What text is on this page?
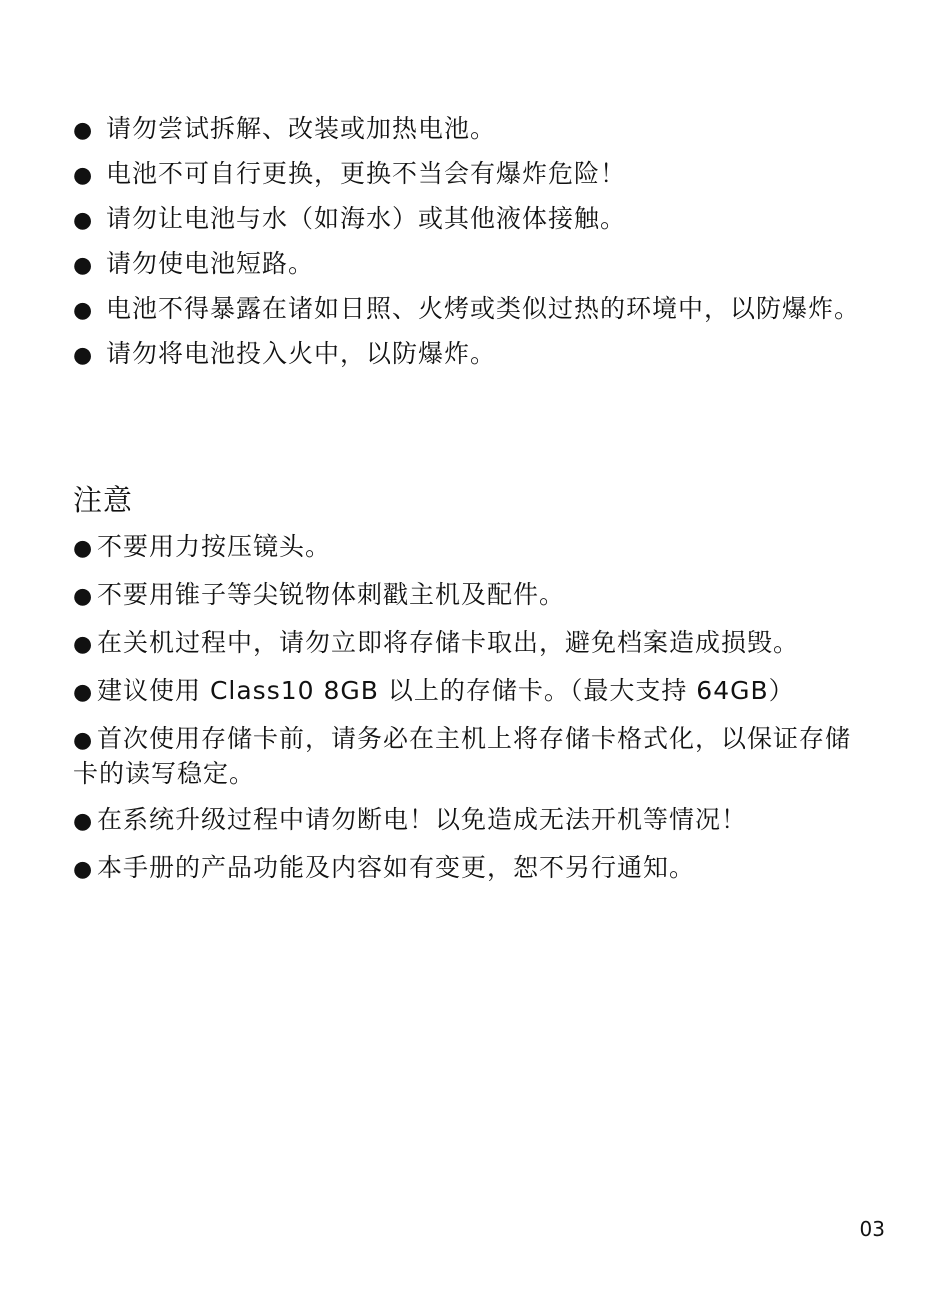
● 请勿尝试拆解、改装或加热电池。
● 电池不可自行更换，更换不当会有爆炸危险！
● 请勿让电池与水（如海水）或其他液体接触。
● 请勿使电池短路。
● 电池不得暴露在诸如日照、火烤或类似过热的环境中，以防爆炸。
● 请勿将电池投入火中，以防爆炸。
注意
● 不要用力按压镜头。
● 不要用锥子等尖锐物体刺戳主机及配件。
● 在关机过程中，请勿立即将存储卡取出，避免档案造成损毁。
● 建议使用 Class10 8GB 以上的存储卡。（最大支持 64GB）
● 首次使用存储卡前，请务必在主机上将存储卡格式化，以保证存储卡的读写稳定。
● 在系统升级过程中请勿断电！以免造成无法开机等情况！
● 本手册的产品功能及内容如有变更，恕不另行通知。
03
